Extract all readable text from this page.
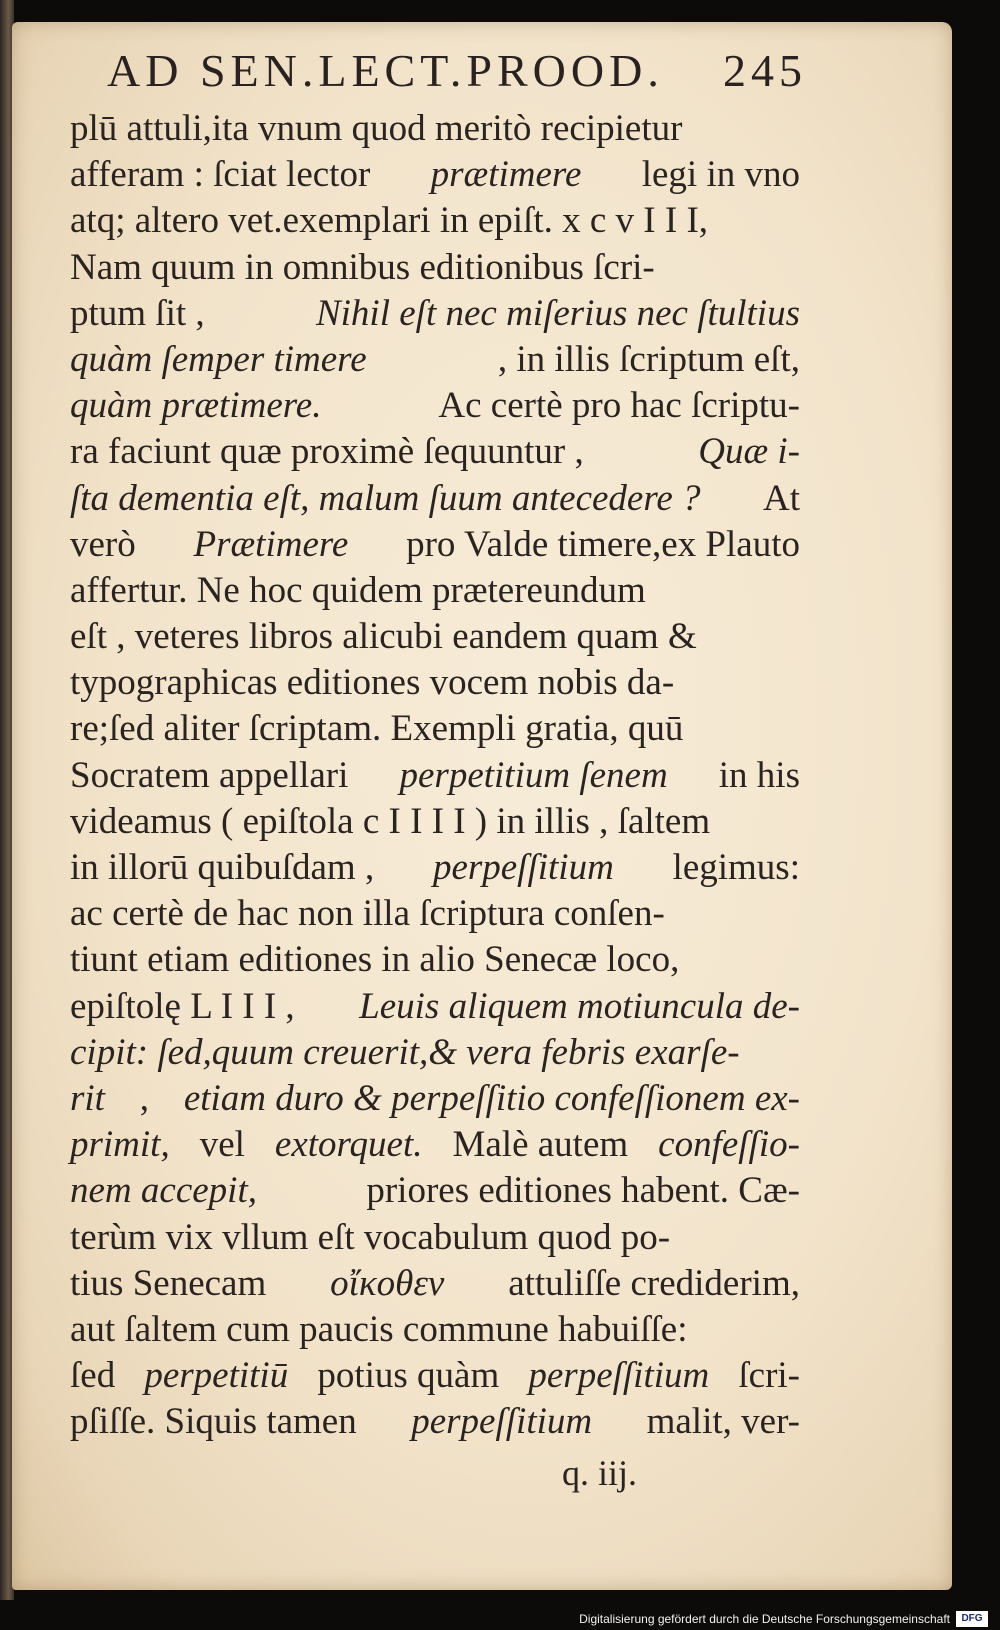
AD SEN.LECT.PROOD. 245
plū attuli,ita vnum quod meritò recipietur
afferam : ſciat lector prætimere legi in vno
atq; altero vet.exemplari in epiſt. x c v I I I,
Nam quum in omnibus editionibus ſcri-
ptum ſit ,	Nihil eſt nec miſerius nec ſtultius
quàm ſemper timere	, in illis ſcriptum eſt,
quàm prætimere.	Ac certè pro hac ſcriptu-
ra faciunt quæ proximè ſequuntur ,	Quæ i-
ſta dementia eſt, malum ſuum antecedere ? At
verò Prætimere pro Valde timere,ex Plauto
affertur. Ne hoc quidem prætereundum
eſt , veteres libros alicubi eandem quam &
typographicas editiones vocem nobis da-
re;ſed aliter ſcriptam. Exempli gratia, quū
Socratem appellari perpetitium ſenem in his
videamus ( epiſtola c I I I I ) in illis , ſaltem
in illorū quibuſdam , perpeſſitium legimus:
ac certè de hac non illa ſcriptura conſen-
tiunt etiam editiones in alio Senecæ loco,
epiſtolę L I I I , Leuis aliquem motiuncula de-
cipit: ſed,quum creuerit,& vera febris exarſe-
rit , etiam duro & perpeſſitio confeſſionem ex-
primit, vel extorquet. Malè autem confeſſio-
nem accepit,	priores editiones habent. Cæ-
terùm vix vllum eſt vocabulum quod po-
tius Senecam οἴκοθεν attuliſſe crediderim,
aut ſaltem cum paucis commune habuiſſe:
ſed perpetitiū potius quàm perpeſſitium ſcri-
pſiſſe. Siquis tamen perpeſſitium malit, ver-
q. iij.
Digitalisierung gefördert durch die Deutsche Forschungsgemeinschaft	DFG
